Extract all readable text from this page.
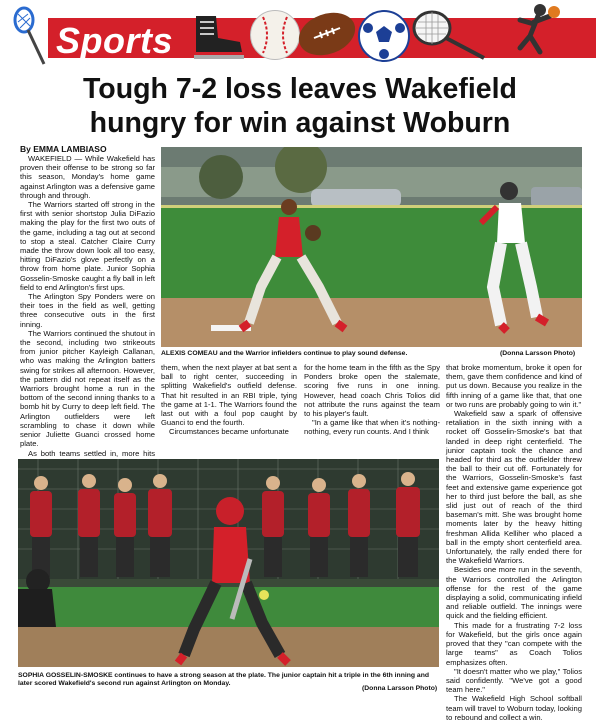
Sports
Tough 7-2 loss leaves Wakefield
hungry for win against Woburn
By EMMA LAMBIASO

WAKEFIELD — While Wakefield has proven their offense to be strong so far this season, Monday's home game against Arlington was a defensive game through and through.

The Warriors started off strong in the first with senior shortstop Julia DiFazio making the play for the first two outs of the game, including a tag out at second to stop a steal. Catcher Claire Curry made the throw down look all too easy, hitting DiFazio's glove perfectly on a throw from home plate. Junior Sophia Gosselin-Smoske caught a fly ball in left field to end Arlington's first ups.

The Arlington Spy Ponders were on their toes in the field as well, getting three consecutive outs in the first inning.

The Warriors continued the shutout in the second, including two strikeouts from junior pitcher Kayleigh Callanan, who was making the Arlington batters swing for strikes all afternoon. However, the pattern did not repeat itself as the Warriors brought home a run in the bottom of the second inning thanks to a bomb hit by Curry to deep left field. The Arlington outfielders were left scrambling to chase it down while senior Juliette Guanci crossed home plate.

As both teams settled in, more hits

ALEXIS COMEAU and the Warrior infielders continue to play sound defense.	(Donna Larsson Photo)

them, when the next player at bat sent a ball to right center, succeeding in splitting Wakefield's outfield defense. That hit resulted in an RBI triple, tying the game at 1-1. The Warriors found the last out with a foul pop caught by Guanci to end the fourth.

Circumstances became unfortunate

for the home team in the fifth as the Spy Ponders broke open the stalemate, scoring five runs in one inning. However, head coach Chris Tolios did not attribute the runs against the team to his player's fault.

"In a game like that when it's nothing-nothing, every run counts. And I think

that broke momentum, broke it open for them, gave them confidence and kind of put us down. Because you realize in the fifth inning of a game like that, that one or two runs are probably going to win it."

Wakefield saw a spark of offensive retaliation in the sixth inning with a rocket off Gosselin-Smoske's bat that landed in deep right centerfield. The junior captain took the chance and headed for third as the outfielder threw the ball to their cut off. Fortunately for the Warriors, Gosselin-Smoske's fast feet and extensive game experience got her to third just before the ball, as she slid just out of reach of the third baseman's mitt. She was brought home moments later by the heavy hitting freshman Allida Kelliher who placed a ball in the empty short centerfield area. Unfortunately, the rally ended there for the Wakefield Warriors.

Besides one more run in the seventh, the Warriors controlled the Arlington offense for the rest of the game displaying a solid, communicating infield and reliable outfield. The innings were quick and the fielding efficient.

This made for a frustrating 7-2 loss for Wakefield, but the girls once again proved that they "can compete with the large teams" as Coach Tolios emphasizes often.

"It doesn't matter who we play," Tolios said confidently. "We've got a good team here."

The Wakefield High School softball team will travel to Woburn today, looking to rebound and collect a win.

SOPHIA GOSSELIN-SMOSKE continues to have a strong season at the plate. The junior captain hit a triple in the 6th inning and later scored Wakefield's second run against Arlington on Monday.
(Donna Larsson Photo)
